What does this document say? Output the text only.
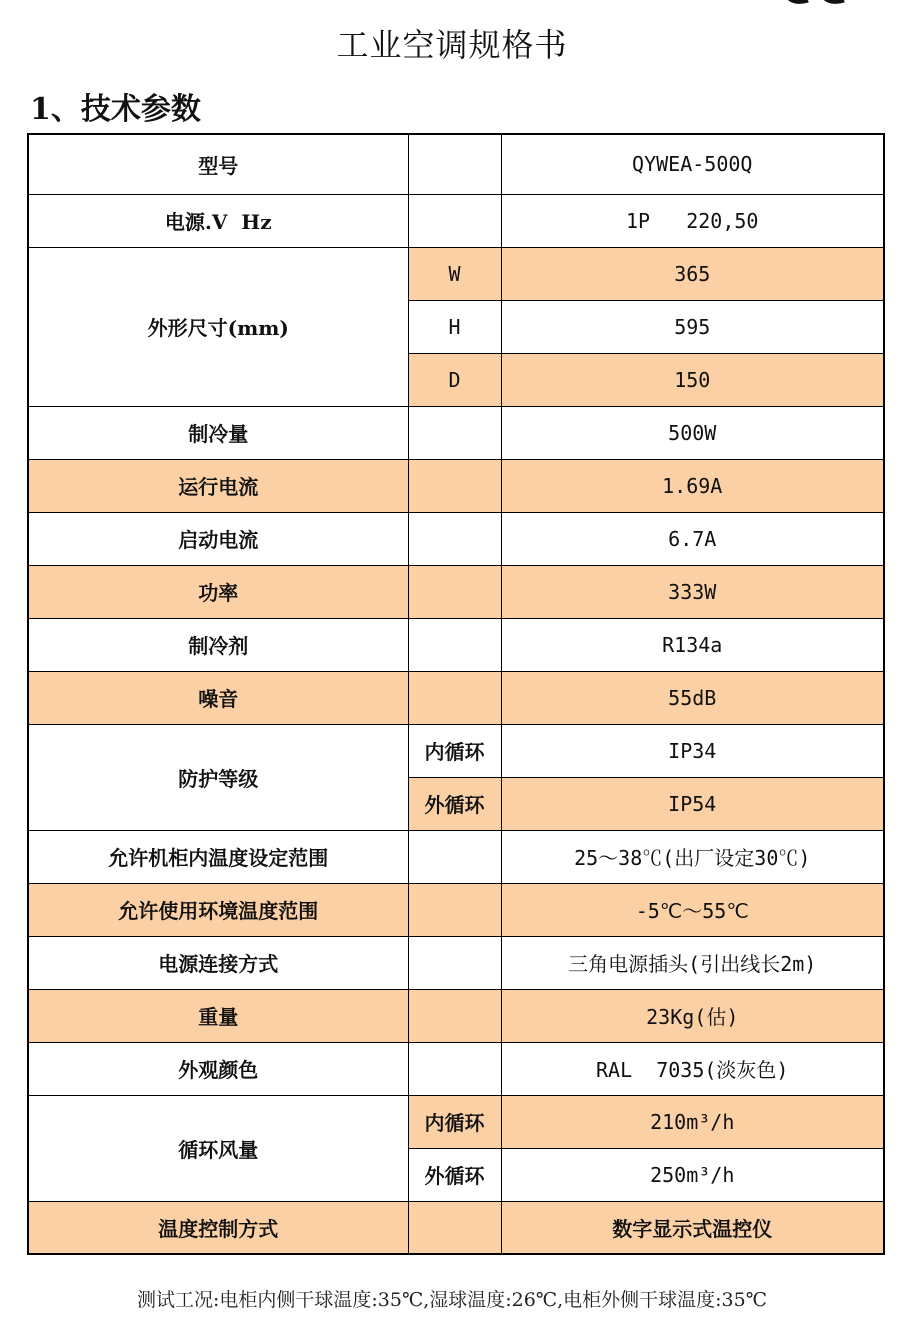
工业空调规格书
1、技术参数
型号		QYWEA-500Q
电源.V  Hz		1P   220,50
外形尺寸(mm)	W	365
	H	595
	D	150
制冷量		500W
运行电流		1.69A
启动电流		6.7A
功率		333W
制冷剂		R134a
噪音		55dB
防护等级	内循环	IP34
	外循环	IP54
允许机柜内温度设定范围		25～38℃(出厂设定30℃)
允许使用环境温度范围		-5℃～55℃
电源连接方式		三角电源插头(引出线长2m)
重量		23Kg(估)
外观颜色		RAL  7035(淡灰色)
循环风量	内循环	210m³/h
	外循环	250m³/h
温度控制方式		数字显示式温控仪
测试工况:电柜内侧干球温度:35℃,湿球温度:26℃,电柜外侧干球温度:35℃
